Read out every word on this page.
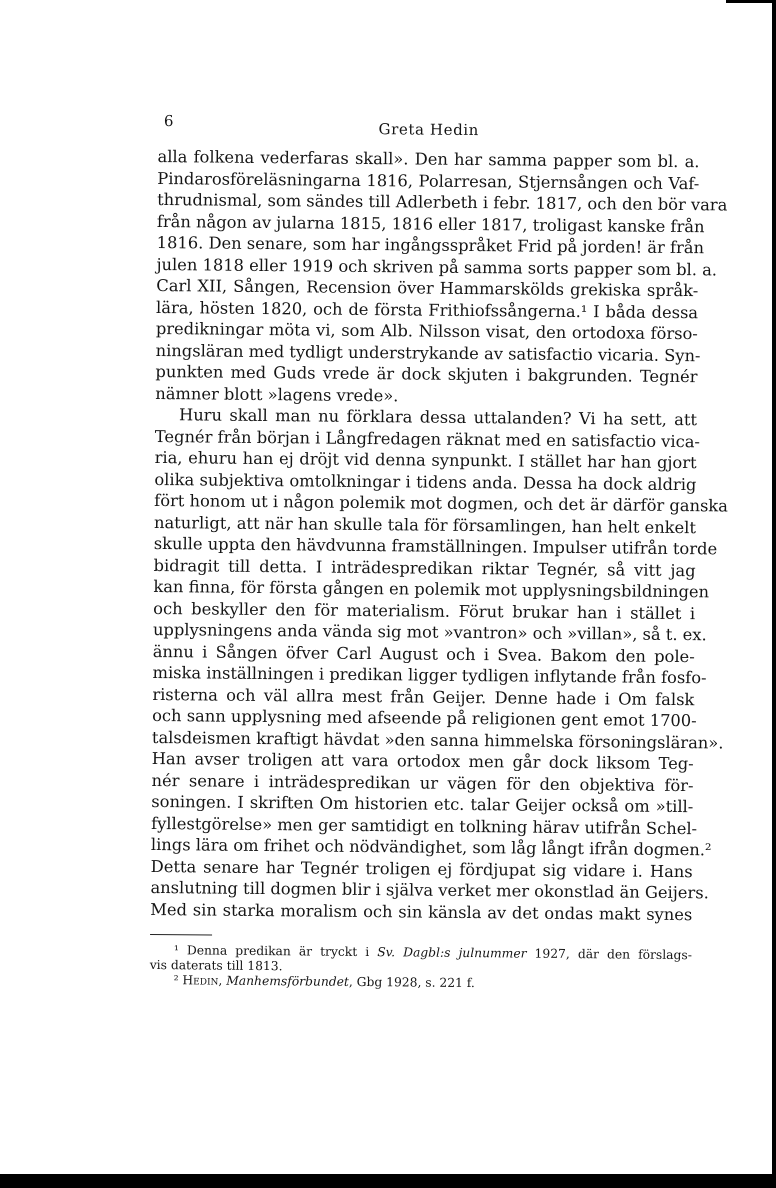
6	Greta Hedin
alla folkena vederfaras skall». Den har samma papper som bl. a.
Pindarosföreläsningarna 1816, Polarresan, Stjernsången och Vaf-
thrudnismal, som sändes till Adlerbeth i febr. 1817, och den bör vara
från någon av jularna 1815, 1816 eller 1817, troligast kanske från
1816. Den senare, som har ingångsspråket Frid på jorden! är från
julen 1818 eller 1919 och skriven på samma sorts papper som bl. a.
Carl XII, Sången, Recension över Hammarskölds grekiska språk-
lära, hösten 1820, och de första Frithiofssångerna.¹ I båda dessa
predikningar möta vi, som Alb. Nilsson visat, den ortodoxa förso-
ningsläran med tydligt understrykande av satisfactio vicaria. Syn-
punkten med Guds vrede är dock skjuten i bakgrunden. Tegnér
nämner blott »lagens vrede».
Huru skall man nu förklara dessa uttalanden? Vi ha sett, att
Tegnér från början i Långfredagen räknat med en satisfactio vica-
ria, ehuru han ej dröjt vid denna synpunkt. I stället har han gjort
olika subjektiva omtolkningar i tidens anda. Dessa ha dock aldrig
fört honom ut i någon polemik mot dogmen, och det är därför ganska
naturligt, att när han skulle tala för församlingen, han helt enkelt
skulle uppta den hävdvunna framställningen. Impulser utifrån torde
bidragit till detta. I inträdespredikan riktar Tegnér, så vitt jag
kan finna, för första gången en polemik mot upplysningsbildningen
och beskyller den för materialism. Förut brukar han i stället i
upplysningens anda vända sig mot »vantron» och »villan», så t. ex.
ännu i Sången öfver Carl August och i Svea. Bakom den pole-
miska inställningen i predikan ligger tydligen inflytande från fosfo-
risterna och väl allra mest från Geijer. Denne hade i Om falsk
och sann upplysning med afseende på religionen gent emot 1700-
talsdeismen kraftigt hävdat »den sanna himmelska försoningsläran».
Han avser troligen att vara ortodox men går dock liksom Teg-
nér senare i inträdespredikan ur vägen för den objektiva för-
soningen. I skriften Om historien etc. talar Geijer också om »till-
fyllestgörelse» men ger samtidigt en tolkning härav utifrån Schel-
lings lära om frihet och nödvändighet, som låg långt ifrån dogmen.²
Detta senare har Tegnér troligen ej fördjupat sig vidare i. Hans
anslutning till dogmen blir i själva verket mer okonstlad än Geijers.
Med sin starka moralism och sin känsla av det ondas makt synes
¹ Denna predikan är tryckt i Sv. Dagbl:s julnummer 1927, där den förslags-
vis daterats till 1813.
² Hedin, Manhemsförbundet, Gbg 1928, s. 221 f.
